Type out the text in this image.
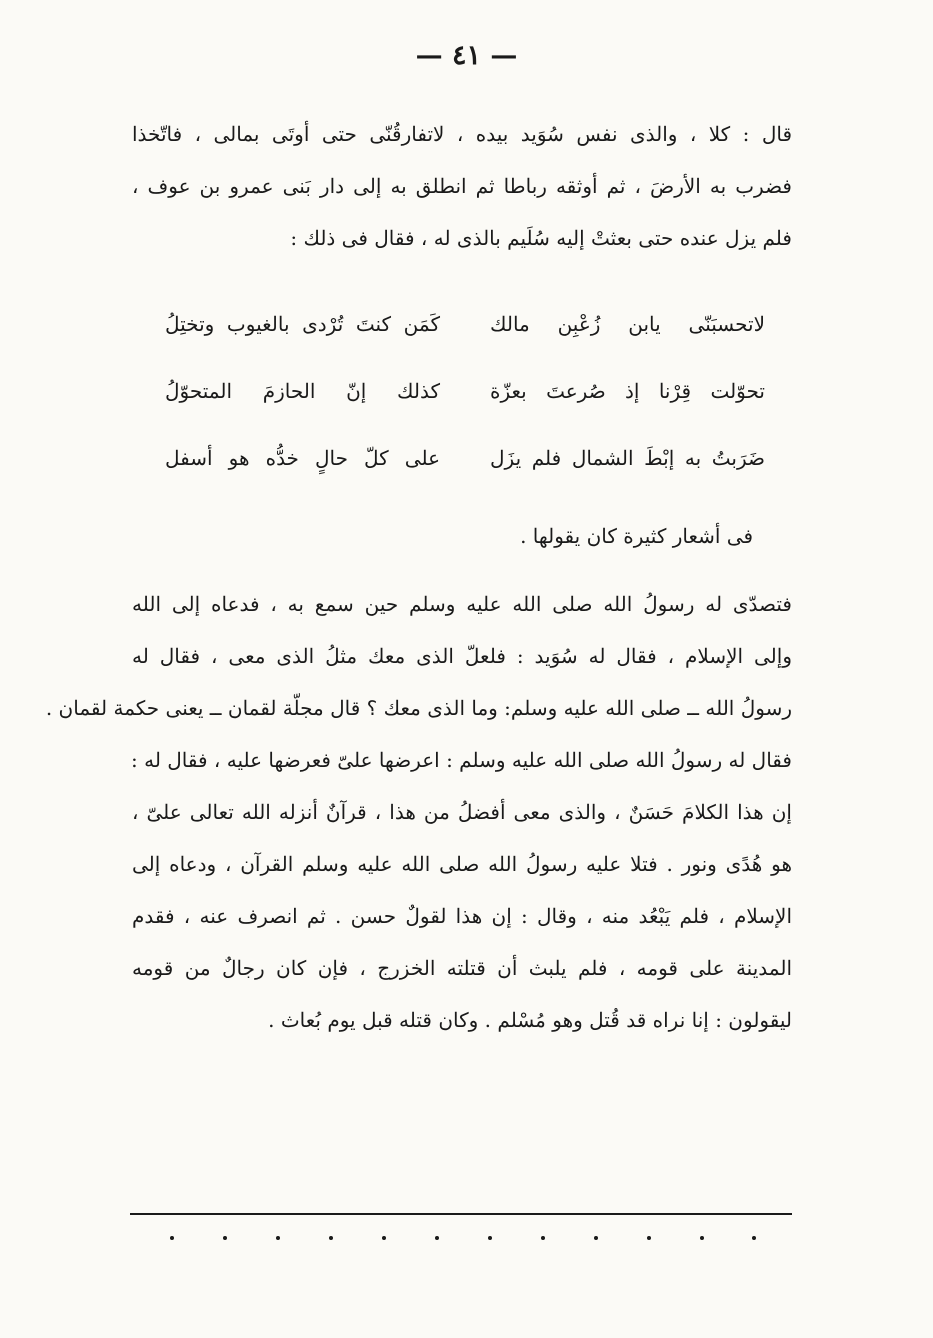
— ٤١ —
قال : كلا ، والذى نفس سُوَيد بيده ، لاتفارقُنّى حتى أوتَى بمالى ، فاتّخذا
فضرب به الأرضَ ، ثم أوثقه رباطا ثم انطلق به إلى دار بَنى عمرو بن عوف ،
فلم يزل عنده حتى بعثتْ إليه سُلَيم بالذى له ، فقال فى ذلك :
لاتحسبَنّى يابن زُعْبِن مالك
كَمَن كنتَ تُرْدى بالغيوب وتختِلُ
تحوّلت قِرْنا إذ صُرعتَ بعزّة
كذلك إنّ الحازمَ المتحوّلُ
ضَرَبتُ به إبْطَ الشمال فلم يزَل
على كلّ حالٍ خدُّه هو أسفل
فى أشعار كثيرة كان يقولها .
فتصدّى له رسولُ الله صلى الله عليه وسلم حين سمع به ، فدعاه إلى الله
وإلى الإسلام ، فقال له سُوَيد : فلعلّ الذى معك مثلُ الذى معى ، فقال له
رسولُ الله ــ صلى الله عليه وسلم: وما الذى معك ؟ قال مجلّة لقمان ــ يعنى حكمة لقمان .
فقال له رسولُ الله صلى الله عليه وسلم : اعرضها علىّ فعرضها عليه ، فقال له :
إن هذا الكلامَ حَسَنٌ ، والذى معى أفضلُ من هذا ، قرآنٌ أنزله الله تعالى علىّ ،
هو هُدًى ونور . فتلا عليه رسولُ الله صلى الله عليه وسلم القرآن ، ودعاه إلى
الإسلام ، فلم يَبْعُد منه ، وقال : إن هذا لقولٌ حسن . ثم انصرف عنه ، فقدم
المدينة على قومه ، فلم يلبث أن قتلته الخزرج ، فإن كان رجالٌ من قومه
ليقولون : إنا نراه قد قُتل وهو مُسْلم . وكان قتله قبل يوم بُعاث .
